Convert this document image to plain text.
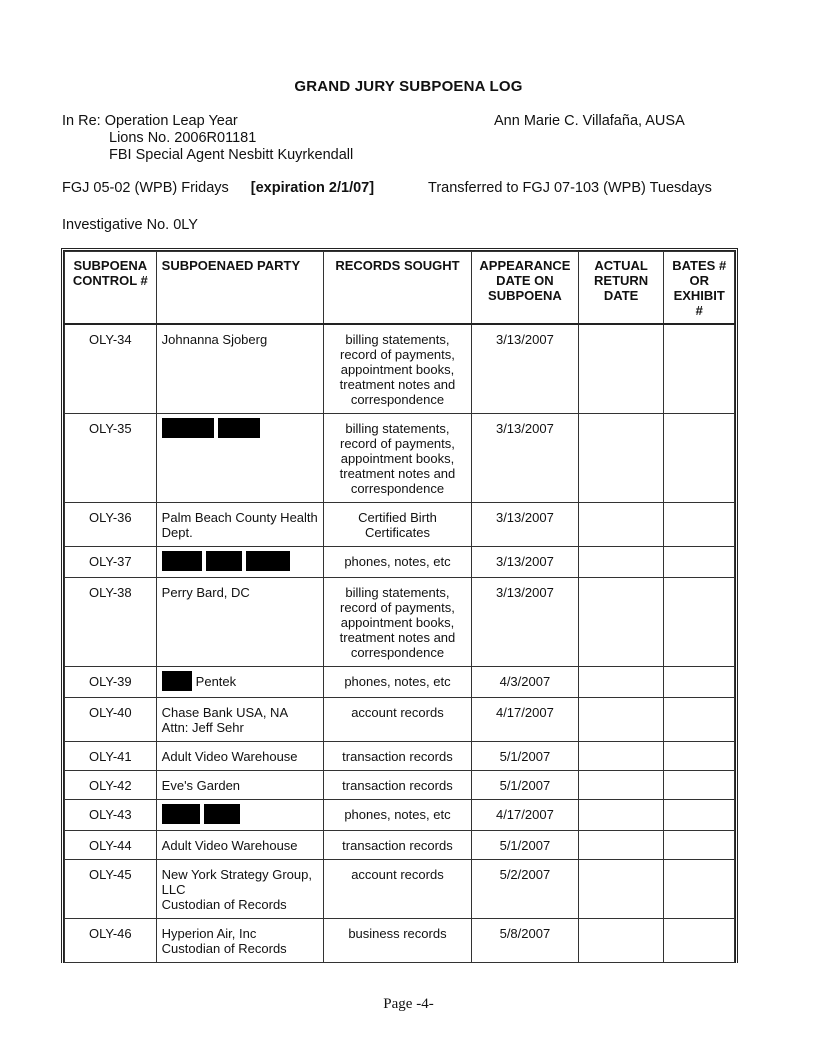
GRAND JURY SUBPOENA LOG
In Re: Operation Leap Year
Lions No. 2006R01181
FBI Special Agent Nesbitt Kuyrkendall
Ann Marie C. Villafaña, AUSA
FGJ 05-02 (WPB) Fridays [expiration 2/1/07]	Transferred to FGJ 07-103 (WPB) Tuesdays
Investigative No. 0LY
SUBPOENA CONTROL #	SUBPOENAED PARTY	RECORDS SOUGHT	APPEARANCE DATE ON SUBPOENA	ACTUAL RETURN DATE	BATES # OR EXHIBIT #
OLY-34	Johnanna Sjoberg	billing statements, record of payments, appointment books, treatment notes and correspondence	3/13/2007		
OLY-35		billing statements, record of payments, appointment books, treatment notes and correspondence	3/13/2007		
OLY-36	Palm Beach County Health Dept.	Certified Birth Certificates	3/13/2007		
OLY-37		phones, notes, etc	3/13/2007		
OLY-38	Perry Bard, DC	billing statements, record of payments, appointment books, treatment notes and correspondence	3/13/2007		
OLY-39	Pentek	phones, notes, etc	4/3/2007		
OLY-40	Chase Bank USA, NA
Attn: Jeff Sehr	account records	4/17/2007		
OLY-41	Adult Video Warehouse	transaction records	5/1/2007		
OLY-42	Eve's Garden	transaction records	5/1/2007		
OLY-43		phones, notes, etc	4/17/2007		
OLY-44	Adult Video Warehouse	transaction records	5/1/2007		
OLY-45	New York Strategy Group, LLC
Custodian of Records	account records	5/2/2007		
OLY-46	Hyperion Air, Inc
Custodian of Records	business records	5/8/2007		
Page -4-
